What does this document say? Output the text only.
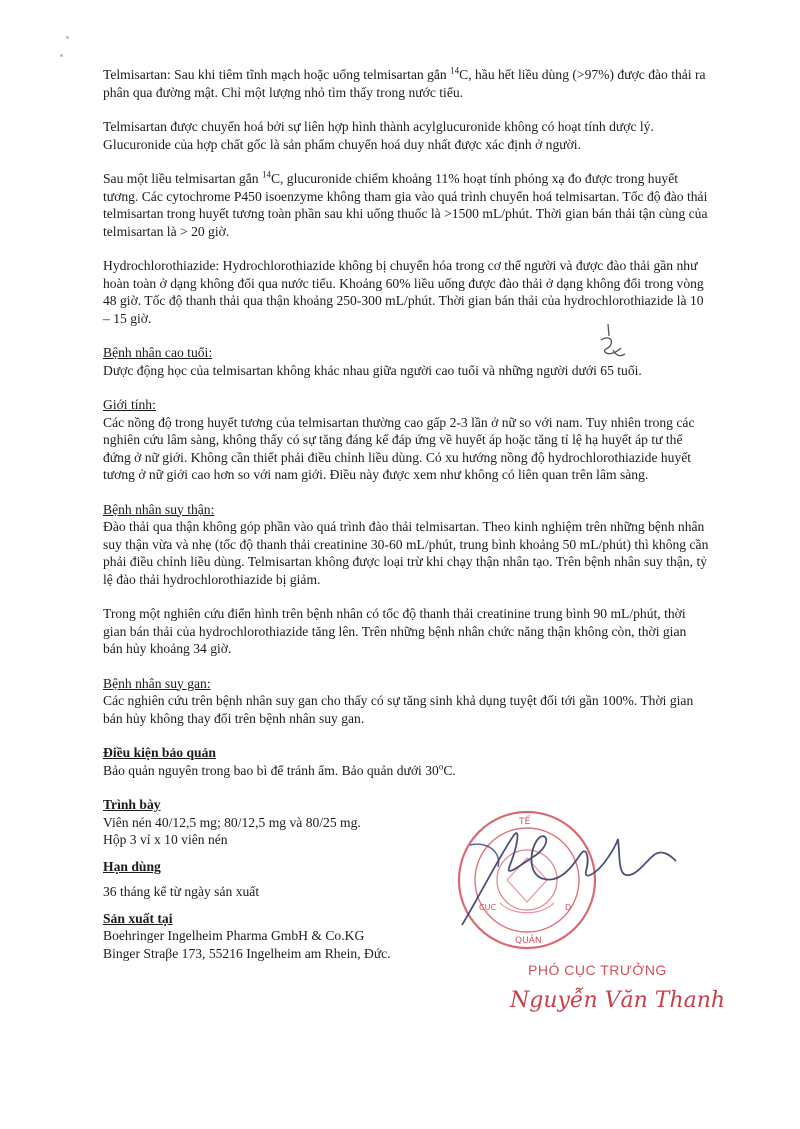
Telmisartan: Sau khi tiêm tĩnh mạch hoặc uống telmisartan gắn $^{14}$C, hầu hết liều dùng (>97%) được đào thải ra phân qua đường mật. Chỉ một lượng nhỏ tìm thấy trong nước tiểu.

Telmisartan được chuyển hoá bởi sự liên hợp hình thành acylglucuronide không có hoạt tính dược lý. Glucuronide của hợp chất gốc là sản phẩm chuyển hoá duy nhất được xác định ở người.

Sau một liều telmisartan gắn $^{14}$C, glucuronide chiếm khoảng 11% hoạt tính phóng xạ đo được trong huyết tương. Các cytochrome P450 isoenzyme không tham gia vào quá trình chuyển hoá telmisartan. Tốc độ đào thải telmisartan trong huyết tương toàn phần sau khi uống thuốc là >1500 mL/phút. Thời gian bán thải tận cùng của telmisartan là > 20 giờ.

Hydrochlorothiazide: Hydrochlorothiazide không bị chuyển hóa trong cơ thể người và được đào thải gần như hoàn toàn ở dạng không đổi qua nước tiểu. Khoảng 60% liều uống được đào thải ở dạng không đổi trong vòng 48 giờ. Tốc độ thanh thải qua thận khoảng 250-300 mL/phút. Thời gian bán thải của hydrochlorothiazide là 10 – 15 giờ.

Bệnh nhân cao tuổi:

Dược động học của telmisartan không khác nhau giữa người cao tuổi và những người dưới 65 tuổi.

Giới tính:

Các nồng độ trong huyết tương của telmisartan thường cao gấp 2-3 lần ở nữ so với nam. Tuy nhiên trong các nghiên cứu lâm sàng, không thấy có sự tăng đáng kể đáp ứng về huyết áp hoặc tăng tỉ lệ hạ huyết áp tư thế đứng ở nữ giới. Không cần thiết phải điều chỉnh liều dùng. Có xu hướng nồng độ hydrochlorothiazide huyết tương ở nữ giới cao hơn so với nam giới. Điều này được xem như không có liên quan trên lâm sàng.

Bệnh nhân suy thận:

Đào thải qua thận không góp phần vào quá trình đào thải telmisartan. Theo kinh nghiệm trên những bệnh nhân suy thận vừa và nhẹ (tốc độ thanh thải creatinine 30-60 mL/phút, trung bình khoảng 50 mL/phút) thì không cần phải điều chỉnh liều dùng. Telmisartan không được loại trừ khi chạy thận nhân tạo. Trên bệnh nhân suy thận, tỷ lệ đào thải hydrochlorothiazide bị giảm.

Trong một nghiên cứu điển hình trên bệnh nhân có tốc độ thanh thải creatinine trung bình 90 mL/phút, thời gian bán thải của hydrochlorothiazide tăng lên. Trên những bệnh nhân chức năng thận không còn, thời gian bán hủy khoảng 34 giờ.

Bệnh nhân suy gan:

Các nghiên cứu trên bệnh nhân suy gan cho thấy có sự tăng sinh khả dụng tuyệt đối tới gần 100%. Thời gian bán hủy không thay đổi trên bệnh nhân suy gan.

Điều kiện bảo quản

Bảo quản nguyên trong bao bì để tránh ẩm. Bảo quản dưới 30$^o$C.

Trình bày

Viên nén 40/12,5 mg; 80/12,5 mg và 80/25 mg.

Hộp 3 vỉ x 10 viên nén

Hạn dùng

36 tháng kể từ ngày sản xuất

Sản xuất tại

Boehringer Ingelheim Pharma GmbH & Co.KG

Binger Straβe 173, 55216 Ingelheim am Rhein, Đức.

TẾ
CỤC
QUẢN
D
PHÓ CỤC TRƯỞNG
Nguyễn Văn Thanh
